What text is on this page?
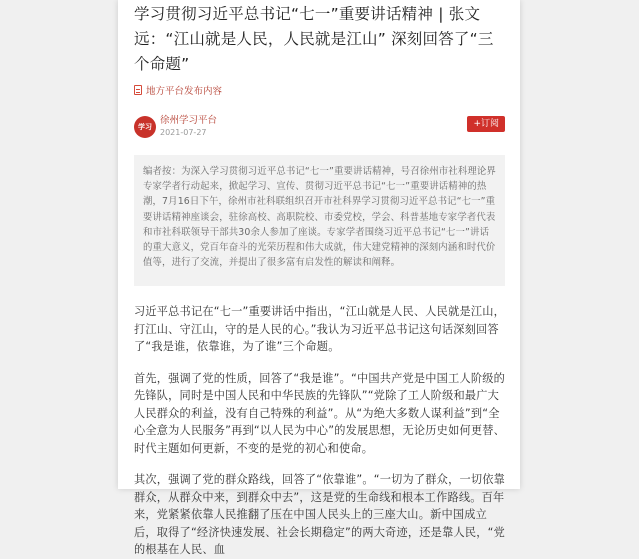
学习贯彻习近平总书记“七一”重要讲话精神 | 张文远：“江山就是人民，人民就是江山” 深刻回答了“三个命题”
地方平台发布内容
学习
徐州学习平台
2021-07-27
+订阅
编者按：为深入学习贯彻习近平总书记“七一”重要讲话精神，号召徐州市社科理论界专家学者行动起来，掀起学习、宣传、贯彻习近平总书记“七一”重要讲话精神的热潮，7月16日下午，徐州市社科联组织召开市社科界学习贯彻习近平总书记“七一”重要讲话精神座谈会，驻徐高校、高职院校、市委党校，学会、科普基地专家学者代表和市社科联领导干部共30余人参加了座谈。专家学者围绕习近平总书记“七一”讲话的重大意义，党百年奋斗的光荣历程和伟大成就，伟大建党精神的深刻内涵和时代价值等，进行了交流，并提出了很多富有启发性的解读和阐释。

习近平总书记在“七一”重要讲话中指出，“江山就是人民、人民就是江山，打江山、守江山，守的是人民的心。”我认为习近平总书记这句话深刻回答了“我是谁，依靠谁，为了谁”三个命题。

首先，强调了党的性质，回答了“我是谁”。“中国共产党是中国工人阶级的先锋队，同时是中国人民和中华民族的先锋队”“党除了工人阶级和最广大人民群众的利益，没有自己特殊的利益”。从“为绝大多数人谋利益”到“全心全意为人民服务”再到“以人民为中心”的发展思想，无论历史如何更替、时代主题如何更新，不变的是党的初心和使命。

其次，强调了党的群众路线，回答了“依靠谁”。“一切为了群众，一切依靠群众，从群众中来，到群众中去”，这是党的生命线和根本工作路线。百年来，党紧紧依靠人民推翻了压在中国人民头上的三座大山。新中国成立后，取得了“经济快速发展、社会长期稳定”的两大奇迹，还是靠人民，“党的根基在人民、血
